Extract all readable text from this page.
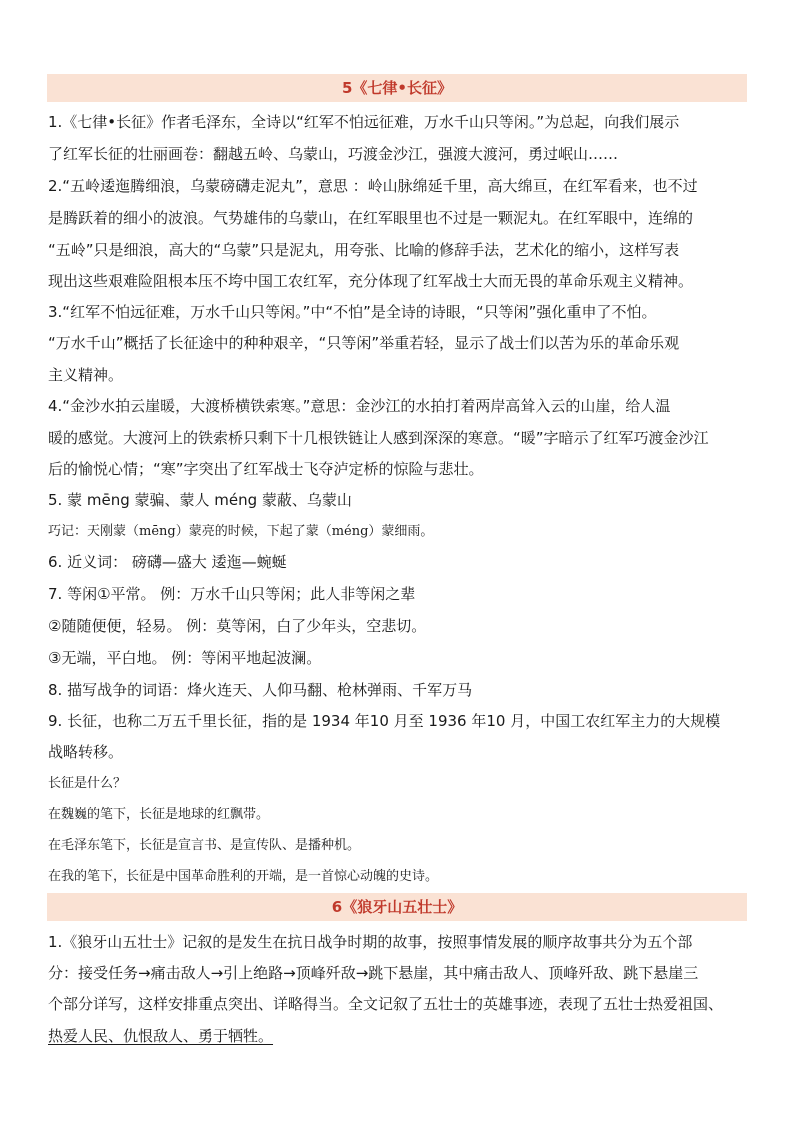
5《七律•长征》
1.《七律•长征》作者毛泽东，全诗以“红军不怕远征难，万水千山只等闲。”为总起，向我们展示
了红军长征的壮丽画卷：翻越五岭、乌蒙山，巧渡金沙江，强渡大渡河，勇过岷山……
2.“五岭逶迤腾细浪，乌蒙磅礴走泥丸”，意思 ：岭山脉绵延千里，高大绵亘，在红军看来，也不过
是腾跃着的细小的波浪。气势雄伟的乌蒙山，在红军眼里也不过是一颗泥丸。在红军眼中，连绵的
“五岭”只是细浪，高大的“乌蒙”只是泥丸，用夸张、比喻的修辞手法，艺术化的缩小，这样写表
现出这些艰难险阻根本压不垮中国工农红军，充分体现了红军战士大而无畏的革命乐观主义精神。
3.“红军不怕远征难，万水千山只等闲。”中“不怕”是全诗的诗眼，“只等闲”强化重申了不怕。
“万水千山”概括了长征途中的种种艰辛，“只等闲”举重若轻，显示了战士们以苦为乐的革命乐观
主义精神。
4.“金沙水拍云崖暖，大渡桥横铁索寒。”意思：金沙江的水拍打着两岸高耸入云的山崖，给人温
暖的感觉。大渡河上的铁索桥只剩下十几根铁链让人感到深深的寒意。“暖”字暗示了红军巧渡金沙江
后的愉悦心情；“寒”字突出了红军战士飞夺泸定桥的惊险与悲壮。
5. 蒙 mēng 蒙骗、蒙人 méng 蒙蔽、乌蒙山
巧记：天刚蒙（mēng）蒙亮的时候，下起了蒙（méng）蒙细雨。
6. 近义词： 磅礴—盛大 逶迤—蜿蜒
7. 等闲①平常。 例：万水千山只等闲；此人非等闲之辈
②随随便便，轻易。 例：莫等闲，白了少年头，空悲切。
③无端，平白地。 例：等闲平地起波澜。
8. 描写战争的词语：烽火连天、人仰马翻、枪林弹雨、千军万马
9. 长征，也称二万五千里长征，指的是 1934 年10 月至 1936 年10 月，中国工农红军主力的大规模
战略转移。
长征是什么？
在魏巍的笔下，长征是地球的红飘带。
在毛泽东笔下，长征是宣言书、是宣传队、是播种机。
在我的笔下，长征是中国革命胜利的开端，是一首惊心动魄的史诗。
6《狼牙山五壮士》
1.《狼牙山五壮士》记叙的是发生在抗日战争时期的故事，按照事情发展的顺序故事共分为五个部
分：接受任务→痛击敌人→引上绝路→顶峰歼敌→跳下悬崖，其中痛击敌人、顶峰歼敌、跳下悬崖三
个部分详写，这样安排重点突出、详略得当。全文记叙了五壮士的英雄事迹，表现了五壮士热爱祖国、
热爱人民、仇恨敌人、勇于牺牲。
